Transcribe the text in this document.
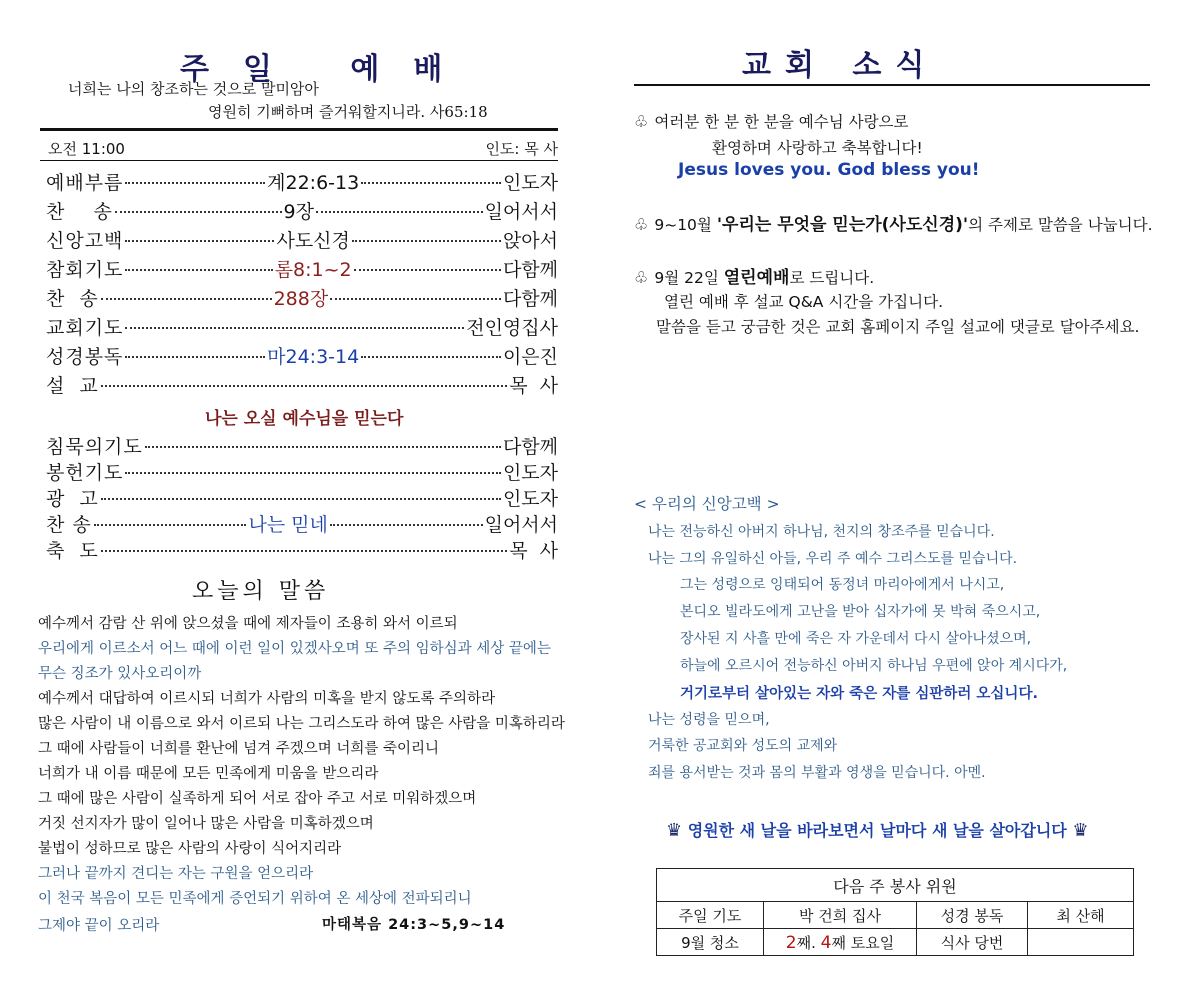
주일 예배
너희는 나의 창조하는 것으로 말미암아
영원히 기뻐하며 즐거워할지니라. 사65:18
오전 11:00	인도: 목 사
예배부름	계22:6-13	인도자
찬    송	9장	일어서서
신앙고백	사도신경	앉아서
참회기도	롬8:1~2	다함께
찬  송	288장	다함께
교회기도	전인영집사
성경봉독	마24:3-14	이은진
설  교	목  사
나는 오실 예수님을 믿는다
침묵의기도	다함께
봉헌기도	인도자
광  고	인도자
찬 송	나는 믿네	일어서서
축  도	목  사
오늘의 말씀
예수께서 감람 산 위에 앉으셨을 때에 제자들이 조용히 와서 이르되
우리에게 이르소서 어느 때에 이런 일이 있겠사오며 또 주의 임하심과 세상 끝에는
무슨 징조가 있사오리이까
예수께서 대답하여 이르시되 너희가 사람의 미혹을 받지 않도록 주의하라
많은 사람이 내 이름으로 와서 이르되 나는 그리스도라 하여 많은 사람을 미혹하리라
그 때에 사람들이 너희를 환난에 넘겨 주겠으며 너희를 죽이리니
너희가 내 이름 때문에 모든 민족에게 미움을 받으리라
그 때에 많은 사람이 실족하게 되어 서로 잡아 주고 서로 미워하겠으며
거짓 선지자가 많이 일어나 많은 사람을 미혹하겠으며
불법이 성하므로 많은 사람의 사랑이 식어지리라
그러나 끝까지 견디는 자는 구원을 얻으리라
이 천국 복음이 모든 민족에게 증언되기 위하여 온 세상에 전파되리니
그제야 끝이 오리라	마태복음 24:3~5,9~14
교회 소식
♧ 여러분 한 분 한 분을 예수님 사랑으로
환영하며 사랑하고 축복합니다!
Jesus loves you. God bless you!
♧ 9~10월 '우리는 무엇을 믿는가(사도신경)'의 주제로 말씀을 나눕니다.
♧ 9월 22일 열린예배로 드립니다.
열린 예배 후 설교 Q&A 시간을 가집니다.
말씀을 듣고 궁금한 것은 교회 홈페이지 주일 설교에 댓글로 달아주세요.
< 우리의 신앙고백 >
나는 전능하신 아버지 하나님, 천지의 창조주를 믿습니다.
나는 그의 유일하신 아들, 우리 주 예수 그리스도를 믿습니다.
그는 성령으로 잉태되어 동정녀 마리아에게서 나시고,
본디오 빌라도에게 고난을 받아 십자가에 못 박혀 죽으시고,
장사된 지 사흘 만에 죽은 자 가운데서 다시 살아나셨으며,
하늘에 오르시어 전능하신 아버지 하나님 우편에 앉아 계시다가,
거기로부터 살아있는 자와 죽은 자를 심판하러 오십니다.
나는 성령을 믿으며,
거룩한 공교회와 성도의 교제와
죄를 용서받는 것과 몸의 부활과 영생을 믿습니다. 아멘.
♛ 영원한 새 날을 바라보면서 날마다 새 날을 살아갑니다 ♛
다음 주 봉사 위원			
주일 기도	박 건희 집사	성경 봉독	최 산해
9월 청소	2째. 4째 토요일	식사 당번	
